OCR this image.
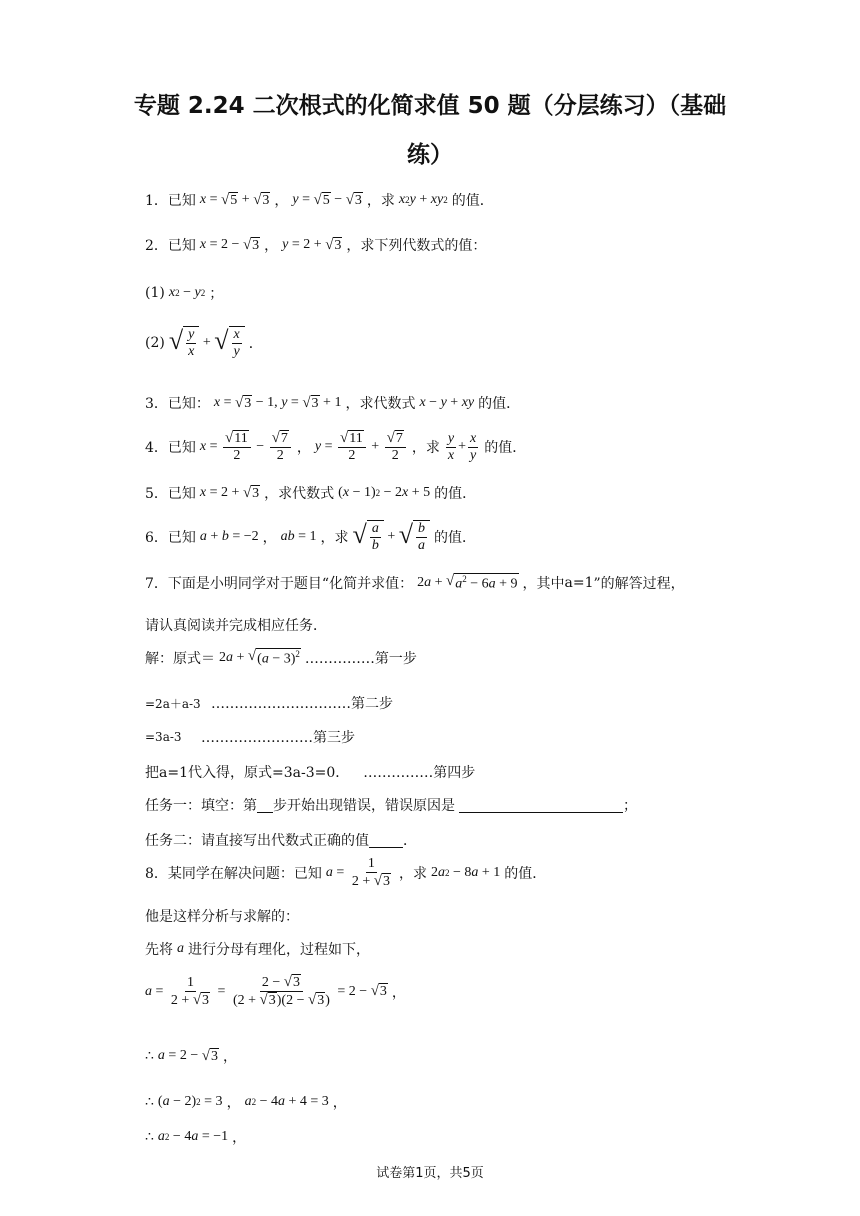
专题 2.24 二次根式的化简求值 50 题（分层练习）（基础
练）
1．已知 x = √ 5 + √ 3 ， y = √ 5 − √ 3 ，求 x 2 y + xy 2 的值．
2．已知 x = 2 − √ 3 ， y = 2 + √ 3 ，求下列代数式的值：
(1) x 2 − y 2 ；
(2) √ $\frac{y}{x}$ + √ $\frac{x}{y}$ ．
3．已知： x = √ 3 − 1, y = √ 3 + 1 ，求代数式 x − y + xy 的值．
4．已知 $x = \frac{√ 11}{2} - \frac{√ 7}{2}$ ， $y = \frac{√ 11}{2} + \frac{√ 7}{2}$ ，求 $\frac{y}{x} + \frac{x}{y}$ 的值．
5．已知 x = 2 + √ 3 ，求代数式 ( x − 1) 2 − 2 x + 5 的值．
6．已知 a + b = −2 ， ab = 1 ，求 √ $\frac{a}{b}$ + √ $\frac{b}{a}$ 的值．
7．下面是小明同学对于题目“化简并求值： 2 a + √ $a^2 - 6a + 9$ ，其中 a=1 ”的解答过程，
请认真阅读并完成相应任务．
解：原式＝ 2 a + √ $(a - 3)^2$ ……………第一步
=2a＋a-3 …………………………第二步
=3a-3	……………………第三步
把a=1代入得，原式=3a-3=0． ……………第四步
任务一：填空：第 步开始出现错误，错误原因是	；
任务二：请直接写出代数式正确的值 ．
8．某同学在解决问题：已知 $a = \frac{1}{2 + √ 3}$ ，求 2 a 2 − 8 a + 1 的值．
他是这样分析与求解的：
先将 a 进行分母有理化，过程如下，
$a = \frac{1}{2 + √ 3} = \frac{2 - √ 3}{(2 + √ 3 )(2 - √ 3 )} = 2$ − √ 3 ，
∴ a = 2 − √ 3 ，
∴ ( a − 2) 2 = 3 ， a 2 − 4 a + 4 = 3 ，
∴ a 2 − 4 a = −1 ，
试卷第1页，共5页
